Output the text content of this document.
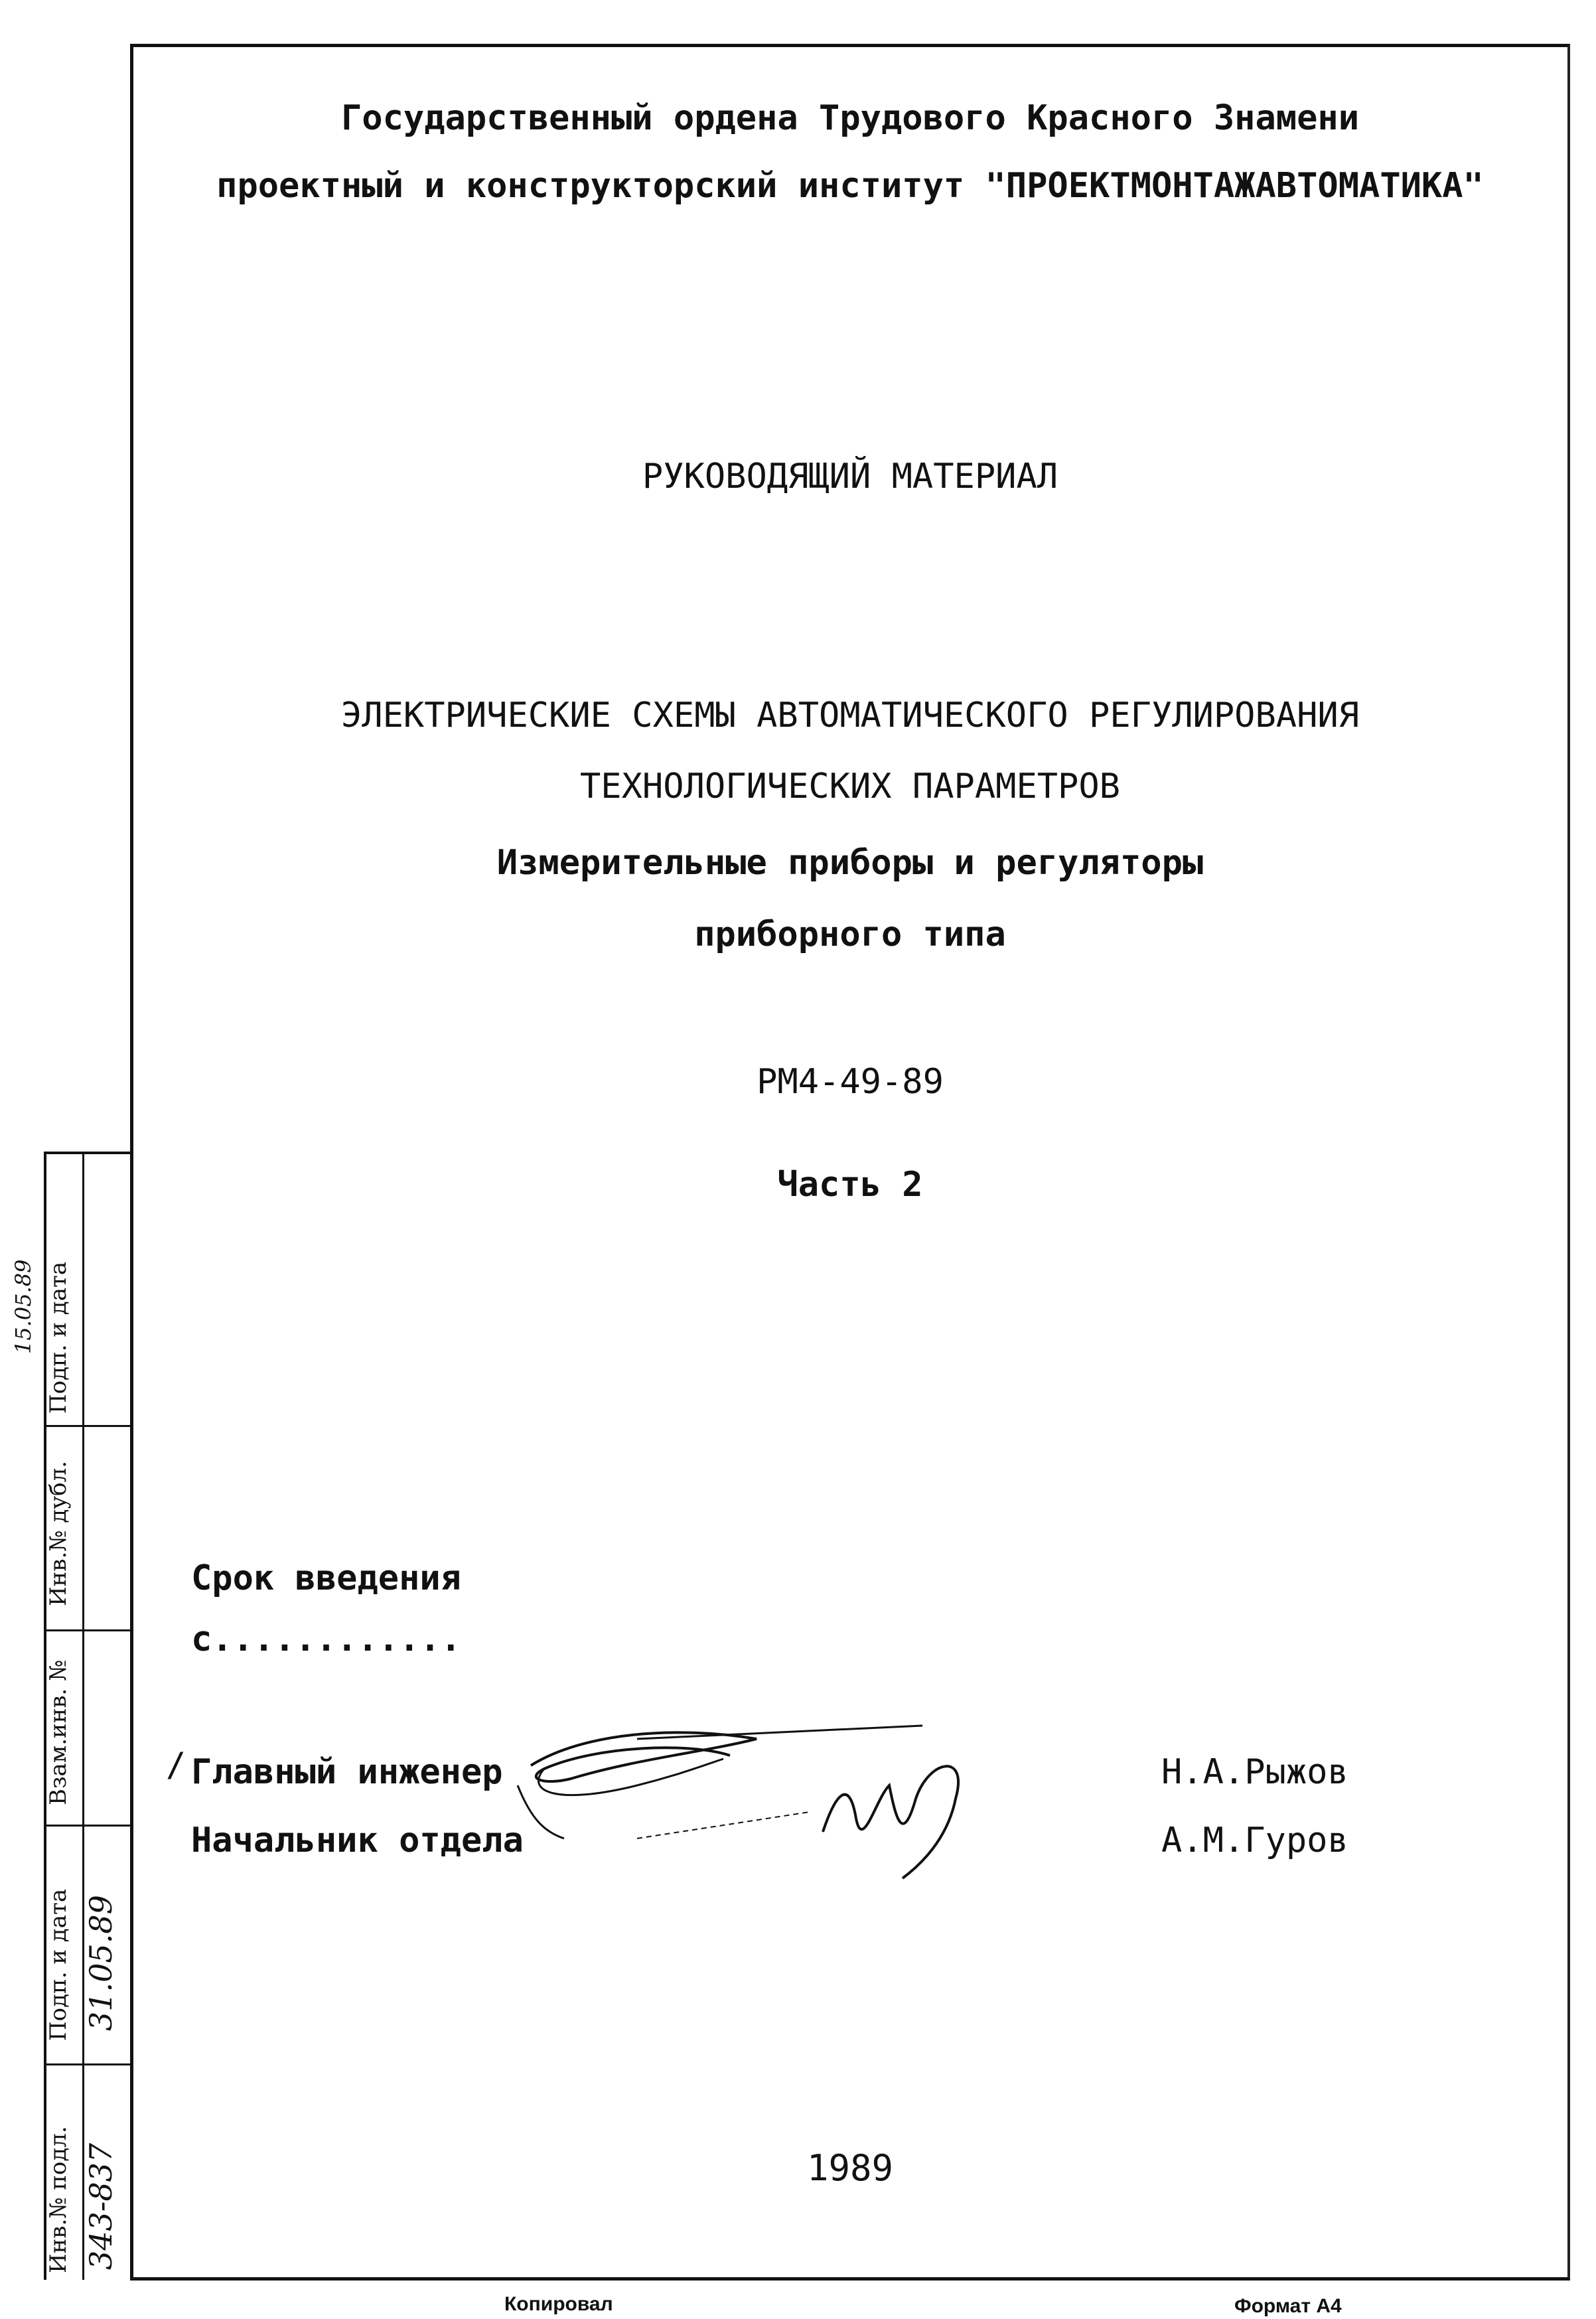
Государственный ордена Трудового Красного Знамени
проектный и конструкторский институт "ПРОЕКТМОНТАЖАВТОМАТИКА"
РУКОВОДЯЩИЙ МАТЕРИАЛ
ЭЛЕКТРИЧЕСКИЕ СХЕМЫ АВТОМАТИЧЕСКОГО РЕГУЛИРОВАНИЯ
ТЕХНОЛОГИЧЕСКИХ ПАРАМЕТРОВ
Измерительные приборы и регуляторы
приборного типа
РМ4-49-89
Часть 2
Срок введения
с............
/ Главный инженер
Начальник отдела
Н.А.Рыжов
А.М.Гуров
Инв.№ подл.
Подп. и дата
Взам.инв. №
Инв.№ дубл.
Подп. и дата
343-837
31.05.89
15.05.89
1989
Копировал	Формат А4
